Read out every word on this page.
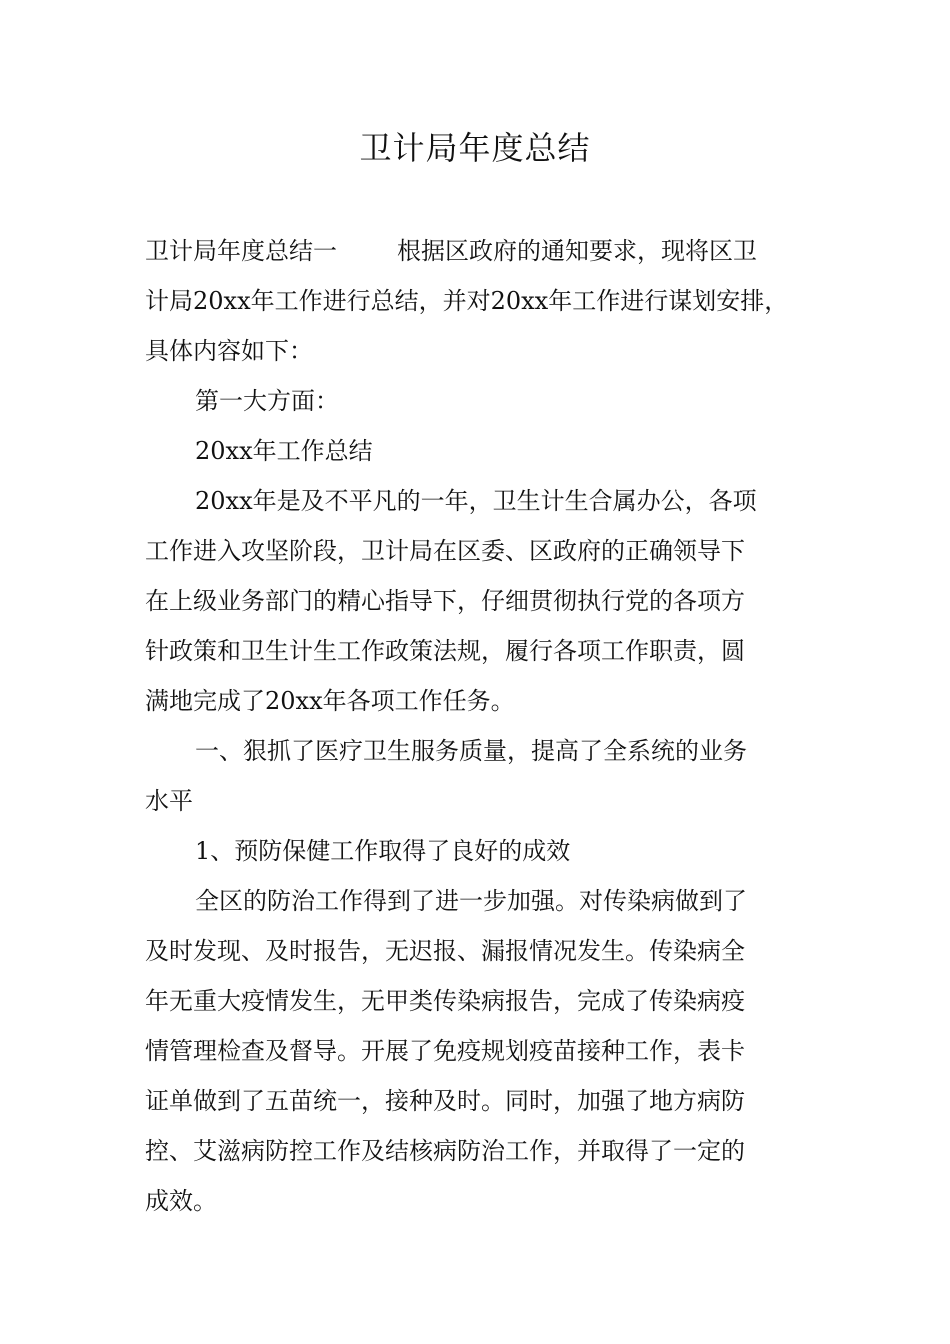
卫计局年度总结
卫计局年度总结一	根据区政府的通知要求，现将区卫
计局20xx年工作进行总结，并对20xx年工作进行谋划安排，
具体内容如下：
第一大方面：
20xx年工作总结
20xx年是及不平凡的一年，卫生计生合属办公，各项
工作进入攻坚阶段，卫计局在区委、区政府的正确领导下
在上级业务部门的精心指导下，仔细贯彻执行党的各项方
针政策和卫生计生工作政策法规，履行各项工作职责，圆
满地完成了20xx年各项工作任务。
一、狠抓了医疗卫生服务质量，提高了全系统的业务
水平
1、预防保健工作取得了良好的成效
全区的防治工作得到了进一步加强。对传染病做到了
及时发现、及时报告，无迟报、漏报情况发生。传染病全
年无重大疫情发生，无甲类传染病报告，完成了传染病疫
情管理检查及督导。开展了免疫规划疫苗接种工作，表卡
证单做到了五苗统一，接种及时。同时，加强了地方病防
控、艾滋病防控工作及结核病防治工作，并取得了一定的
成效。
